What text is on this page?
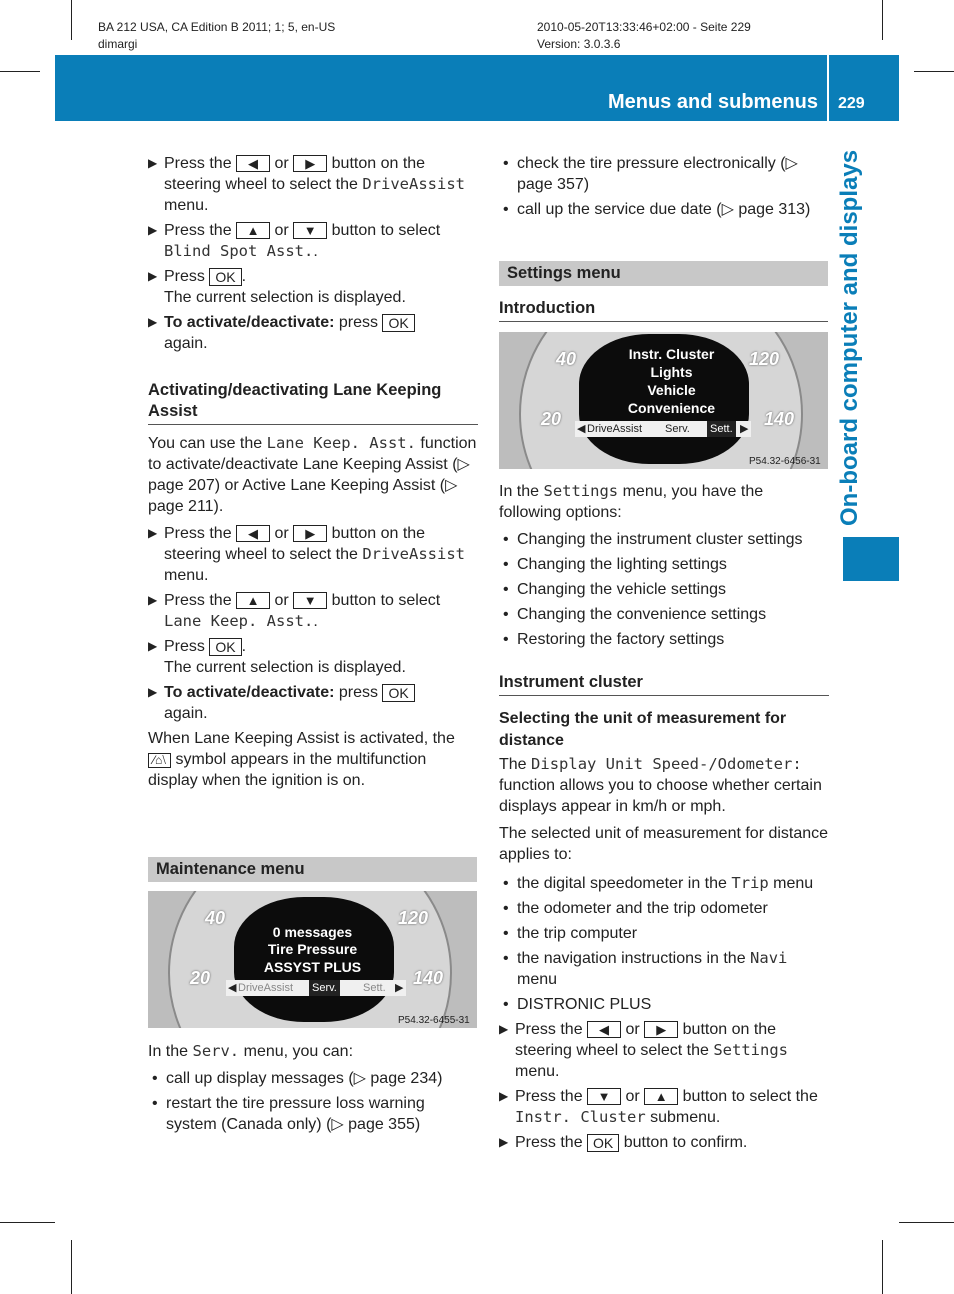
BA 212 USA, CA Edition B 2011; 1; 5, en-US
dimargi
2010-05-20T13:33:46+02:00 - Seite 229
Version: 3.0.3.6
Menus and submenus 229
On-board computer and displays
▶ Press the ◀ or ▶ button on the steering wheel to select the DriveAssist menu.
▶ Press the ▲ or ▼ button to select Blind Spot Asst..
▶ Press OK .
The current selection is displayed.
▶ To activate/deactivate: press OK
again.
Activating/deactivating Lane Keeping Assist
You can use the Lane Keep. Asst. function to activate/deactivate Lane Keeping Assist (▷ page 207) or Active Lane Keeping Assist (▷ page 211).
▶ Press the ◀ or ▶ button on the steering wheel to select the DriveAssist menu.
▶ Press the ▲ or ▼ button to select Lane Keep. Asst..
▶ Press OK .
The current selection is displayed.
▶ To activate/deactivate: press OK
again.
When Lane Keeping Assist is activated, the ⁄⌂⧵ symbol appears in the multifunction display when the ignition is on.
Maintenance menu
40	120
20	140
0 messages
Tire Pressure
ASSYST PLUS
◀ DriveAssist Serv. Sett. ▶
P54.32-6455-31
In the Serv. menu, you can:
• call up display messages (▷ page 234)
• restart the tire pressure loss warning system (Canada only) (▷ page 355)
• check the tire pressure electronically (▷ page 357)
• call up the service due date (▷ page 313)
Settings menu
Introduction
40	120
20	140
Instr. Cluster
Lights
Vehicle
Convenience
◀ DriveAssist Serv. Sett. ▶
P54.32-6456-31
In the Settings menu, you have the following options:
• Changing the instrument cluster settings
• Changing the lighting settings
• Changing the vehicle settings
• Changing the convenience settings
• Restoring the factory settings
Instrument cluster
Selecting the unit of measurement for distance
The Display Unit Speed-/Odometer: function allows you to choose whether certain displays appear in km/h or mph.
The selected unit of measurement for distance applies to:
• the digital speedometer in the Trip menu
• the odometer and the trip odometer
• the trip computer
• the navigation instructions in the Navi menu
• DISTRONIC PLUS
▶ Press the ◀ or ▶ button on the steering wheel to select the Settings menu.
▶ Press the ▼ or ▲ button to select the Instr. Cluster submenu.
▶ Press the OK button to confirm.
